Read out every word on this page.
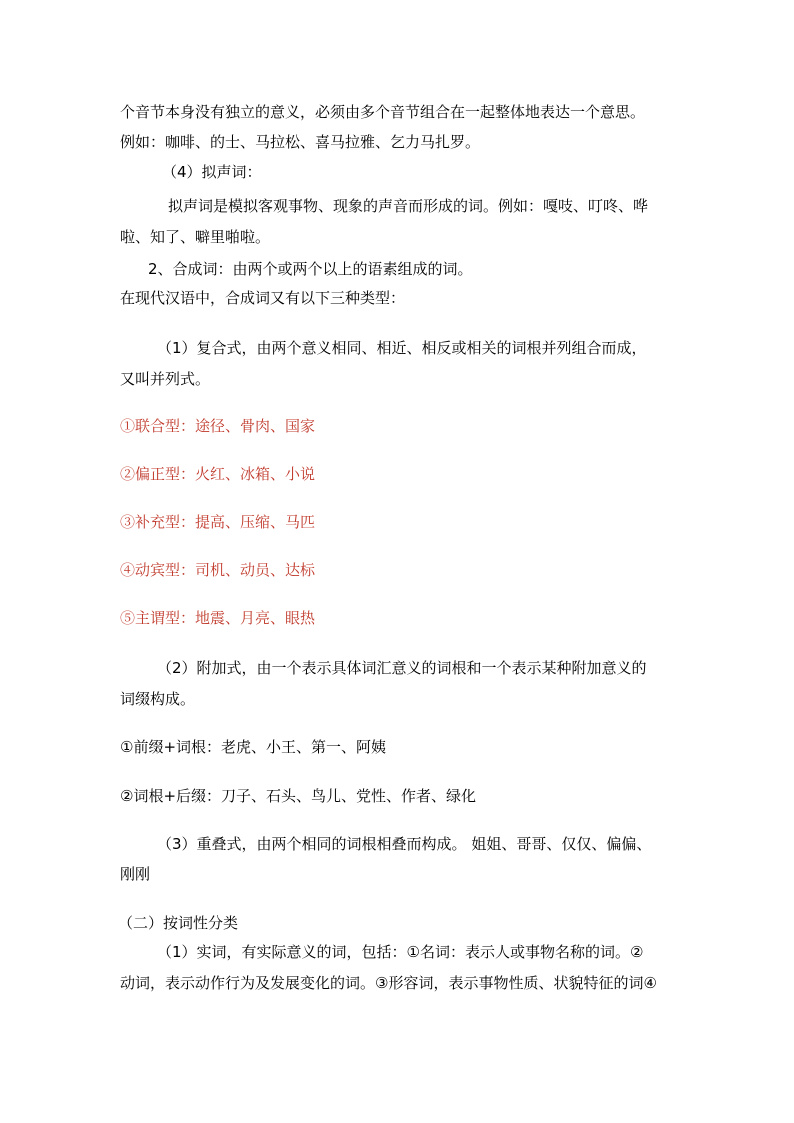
个音节本身没有独立的意义，必须由多个音节组合在一起整体地表达一个意思。
例如：咖啡、的士、马拉松、喜马拉雅、乞力马扎罗。
（4）拟声词：
拟声词是模拟客观事物、现象的声音而形成的词。例如：嘎吱、叮咚、哗
啦、知了、噼里啪啦。
2、合成词：由两个或两个以上的语素组成的词。
在现代汉语中，合成词又有以下三种类型：
（1）复合式，由两个意义相同、相近、相反或相关的词根并列组合而成，
又叫并列式。
①联合型：途径、骨肉、国家
②偏正型：火红、冰箱、小说
③补充型：提高、压缩、马匹
④动宾型：司机、动员、达标
⑤主谓型：地震、月亮、眼热
（2）附加式，由一个表示具体词汇意义的词根和一个表示某种附加意义的
词缀构成。
①前缀+词根：老虎、小王、第一、阿姨
②词根+后缀：刀子、石头、鸟儿、党性、作者、绿化
（3）重叠式，由两个相同的词根相叠而构成。 姐姐、哥哥、仅仅、偏偏、
刚刚
（二）按词性分类
（1）实词，有实际意义的词，包括：①名词：表示人或事物名称的词。②
动词，表示动作行为及发展变化的词。③形容词，表示事物性质、状貌特征的词④
